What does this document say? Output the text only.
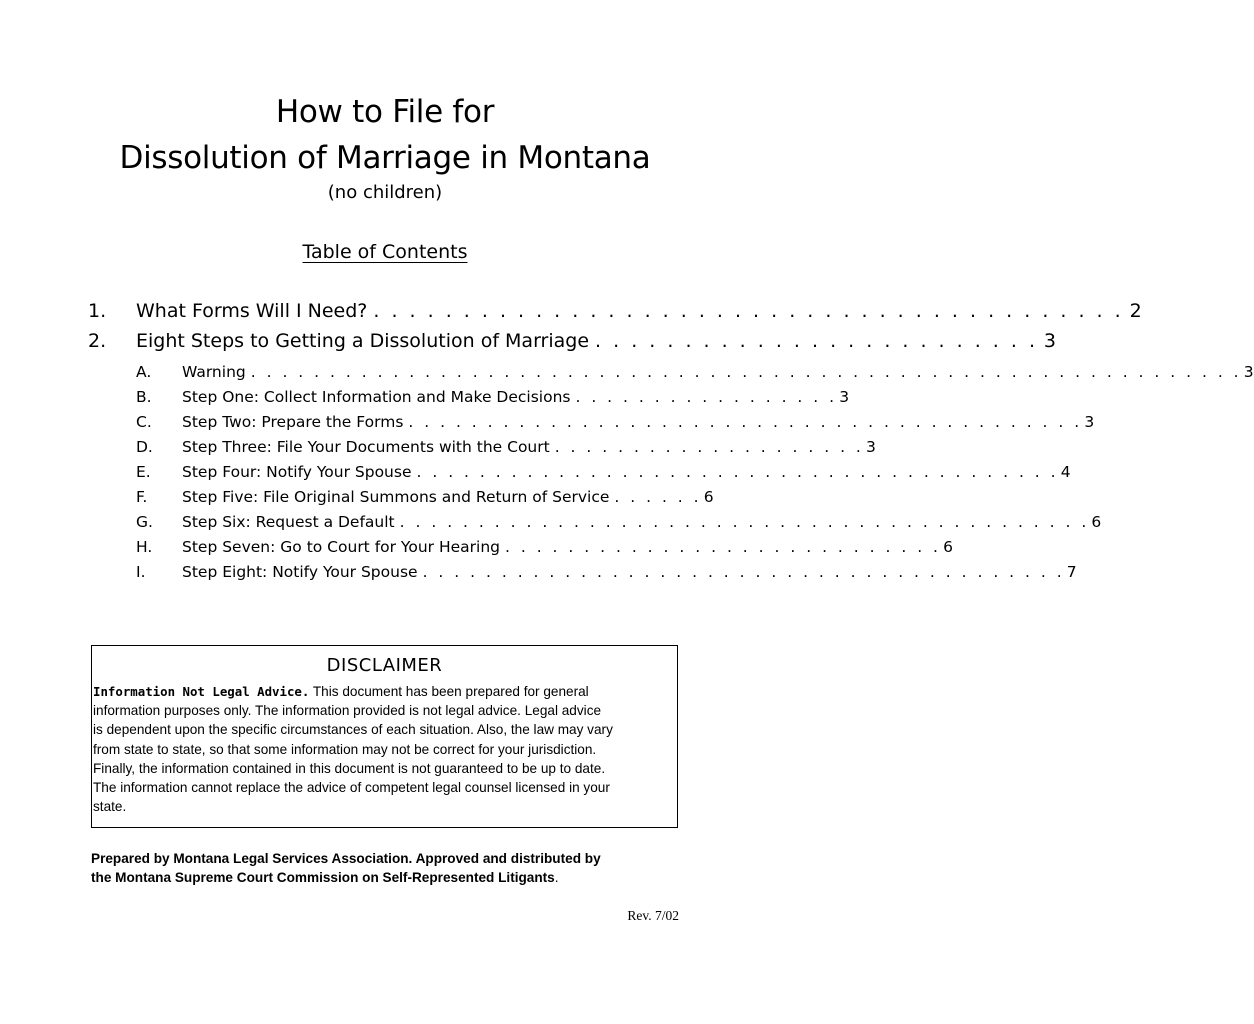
How to File for
Dissolution of Marriage in Montana
(no children)
Table of Contents
1.	What Forms Will I Need? . . . . . . . . . . . . . . . . . . . . . . . . . . . . . . . . . . . . . . . . . . 2
2.	Eight Steps to Getting a Dissolution of Marriage . . . . . . . . . . . . . . . . . . . . . . . . . 3
A.	Warning . . . . . . . . . . . . . . . . . . . . . . . . . . . . . . . . . . . . . . . . . . . . . . . . . . . . . . . . . . . . . . . 3
B.	Step One: Collect Information and Make Decisions . . . . . . . . . . . . . . . . . 3
C.	Step Two: Prepare the Forms . . . . . . . . . . . . . . . . . . . . . . . . . . . . . . . . . . . . . . . . . . . 3
D.	Step Three: File Your Documents with the Court . . . . . . . . . . . . . . . . . . . . 3
E.	Step Four: Notify Your Spouse . . . . . . . . . . . . . . . . . . . . . . . . . . . . . . . . . . . . . . . . . 4
F.	Step Five: File Original Summons and Return of Service . . . . . . 6
G.	Step Six: Request a Default . . . . . . . . . . . . . . . . . . . . . . . . . . . . . . . . . . . . . . . . . . . . 6
H.	Step Seven: Go to Court for Your Hearing . . . . . . . . . . . . . . . . . . . . . . . . . . . . 6
I.	Step Eight: Notify Your Spouse . . . . . . . . . . . . . . . . . . . . . . . . . . . . . . . . . . . . . . . . . 7
DISCLAIMER
Information Not Legal Advice. This document has been prepared for general
information purposes only. The information provided is not legal advice. Legal advice
is dependent upon the specific circumstances of each situation. Also, the law may vary
from state to state, so that some information may not be correct for your jurisdiction.
Finally, the information contained in this document is not guaranteed to be up to date.
The information cannot replace the advice of competent legal counsel licensed in your
state.
Prepared by Montana Legal Services Association. Approved and distributed by
the Montana Supreme Court Commission on Self-Represented Litigants.
Rev. 7/02
